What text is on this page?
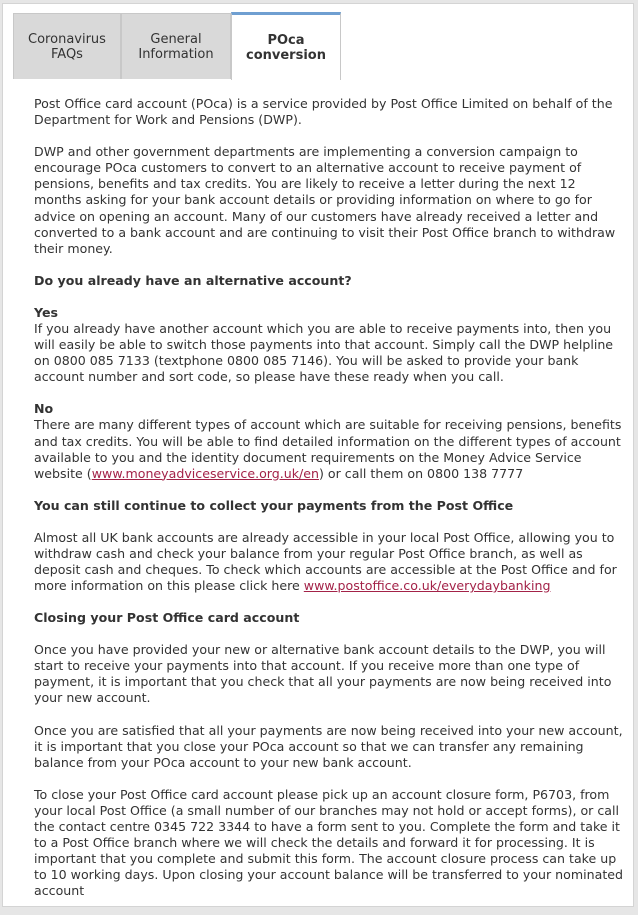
Coronavirus
FAQs
General
Information
POca
conversion

Post Office card account (POca) is a service provided by Post Office Limited on behalf of the Department for Work and Pensions (DWP).

DWP and other government departments are implementing a conversion campaign to encourage POca customers to convert to an alternative account to receive payment of pensions, benefits and tax credits. You are likely to receive a letter during the next 12 months asking for your bank account details or providing information on where to go for advice on opening an account. Many of our customers have already received a letter and converted to a bank account and are continuing to visit their Post Office branch to withdraw their money.

Do you already have an alternative account?

Yes
If you already have another account which you are able to receive payments into, then you will easily be able to switch those payments into that account. Simply call the DWP helpline on 0800 085 7133 (textphone 0800 085 7146). You will be asked to provide your bank account number and sort code, so please have these ready when you call.

No
There are many different types of account which are suitable for receiving pensions, benefits and tax credits. You will be able to find detailed information on the different types of account available to you and the identity document requirements on the Money Advice Service website (www.moneyadviceservice.org.uk/en) or call them on 0800 138 7777

You can still continue to collect your payments from the Post Office

Almost all UK bank accounts are already accessible in your local Post Office, allowing you to withdraw cash and check your balance from your regular Post Office branch, as well as deposit cash and cheques. To check which accounts are accessible at the Post Office and for more information on this please click here www.postoffice.co.uk/everydaybanking

Closing your Post Office card account

Once you have provided your new or alternative bank account details to the DWP, you will start to receive your payments into that account. If you receive more than one type of payment, it is important that you check that all your payments are now being received into your new account.

Once you are satisfied that all your payments are now being received into your new account, it is important that you close your POca account so that we can transfer any remaining balance from your POca account to your new bank account.

To close your Post Office card account please pick up an account closure form, P6703, from your local Post Office (a small number of our branches may not hold or accept forms), or call the contact centre 0345 722 3344 to have a form sent to you. Complete the form and take it to a Post Office branch where we will check the details and forward it for processing. It is important that you complete and submit this form. The account closure process can take up to 10 working days. Upon closing your account balance will be transferred to your nominated account
